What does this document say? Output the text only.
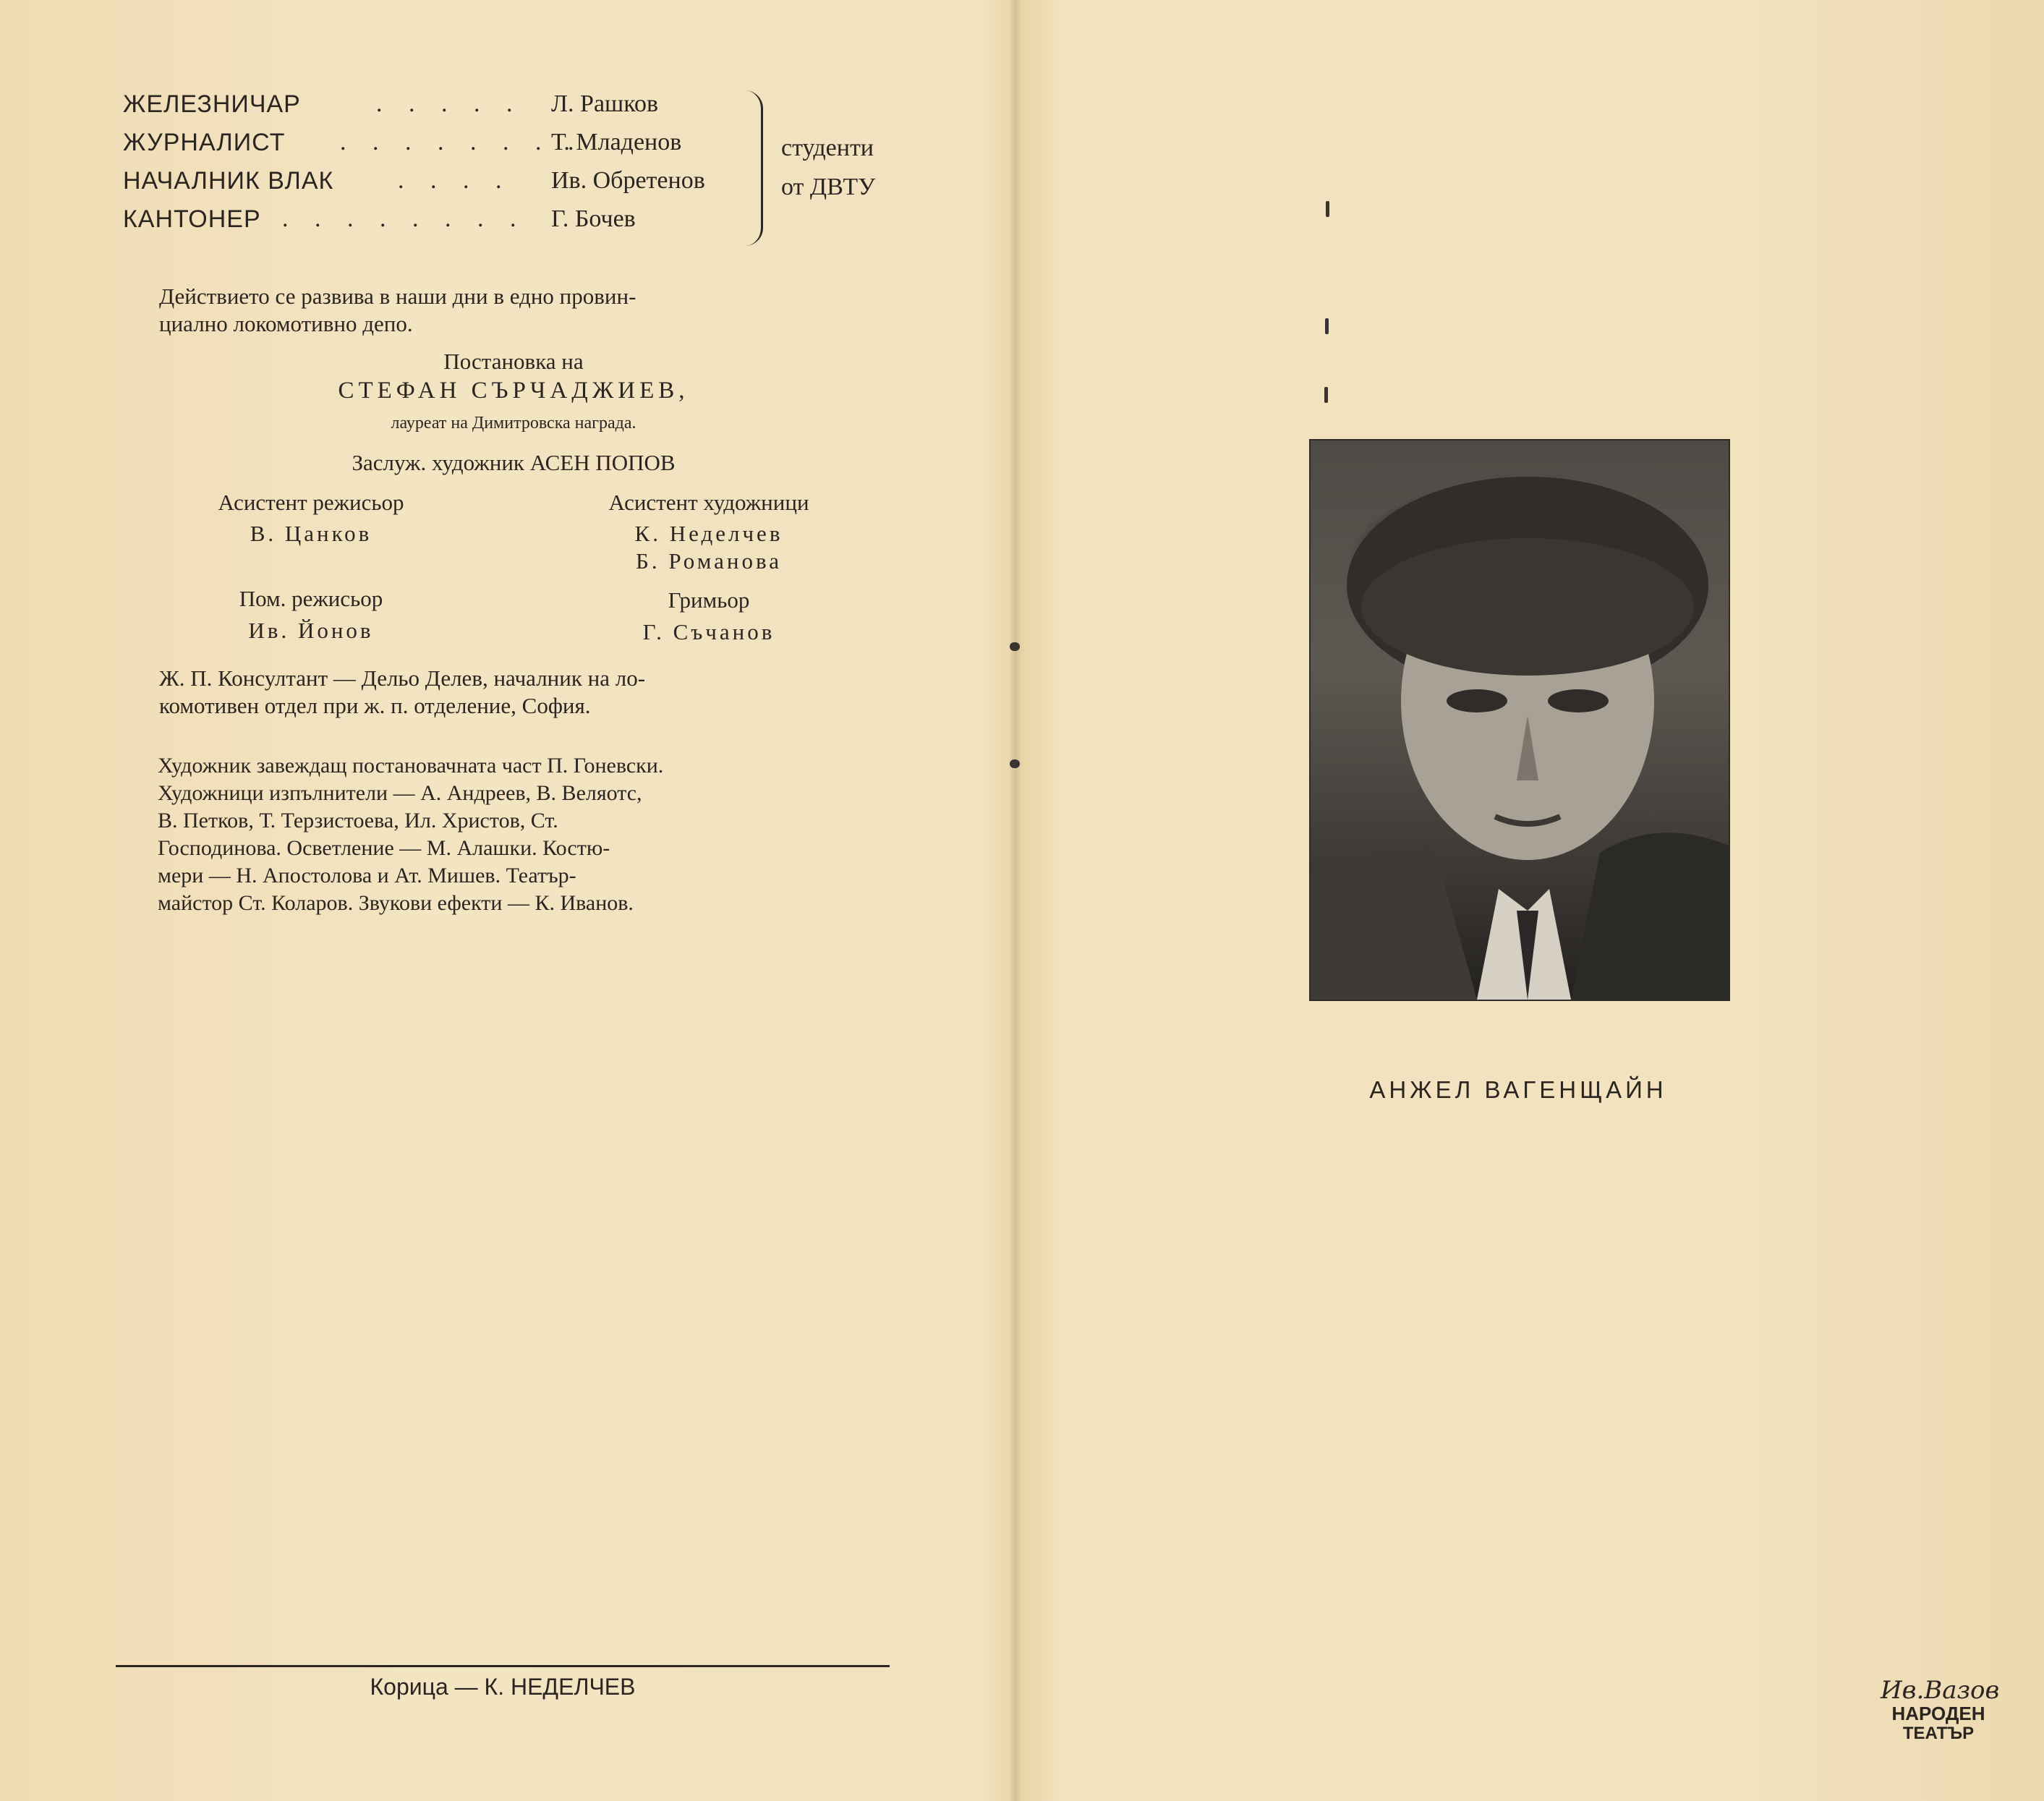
ЖЕЛЕЗНИЧАР	. . . . . Л. Рашков
ЖУРНАЛИСТ . . . . . . . .
Т. Младенов
НАЧАЛНИК ВЛАК	. . . . Ив. Обретенов
КАНТОНЕР . . . . . . . . Г. Бочев
студенти
от ДВТУ
Действието се развива в наши дни в едно провин-
циално локомотивно депо.
Постановка на
СТЕФАН СЪРЧАДЖИЕВ,
лауреат на Димитровска награда.
Заслуж. художник АСЕН ПОПОВ
Асистент режисьор
В. Цанков
Асистент художници
К. Неделчев
Б. Романова
Пом. режисьор
Ив. Йонов
Гримьор
Г. Съчанов
Ж. П. Консултант — Дельо Делев, началник на ло-
комотивен отдел при ж. п. отделение, София.
Художник завеждащ постановачната част П. Гоневски.
Художници изпълнители — А. Андреев, В. Веляотс,
В. Петков, Т. Терзистоева, Ил. Христов, Ст.
Господинова. Осветление — М. Алашки. Костю-
мери — Н. Апостолова и Ат. Мишев. Театър-
майстор Ст. Коларов. Звукови ефекти — К. Иванов.
Корица — К. НЕДЕЛЧЕВ
АНЖЕЛ ВАГЕНЩАЙН
Ив.Вазов
НАРОДЕН
ТЕАТЪР
